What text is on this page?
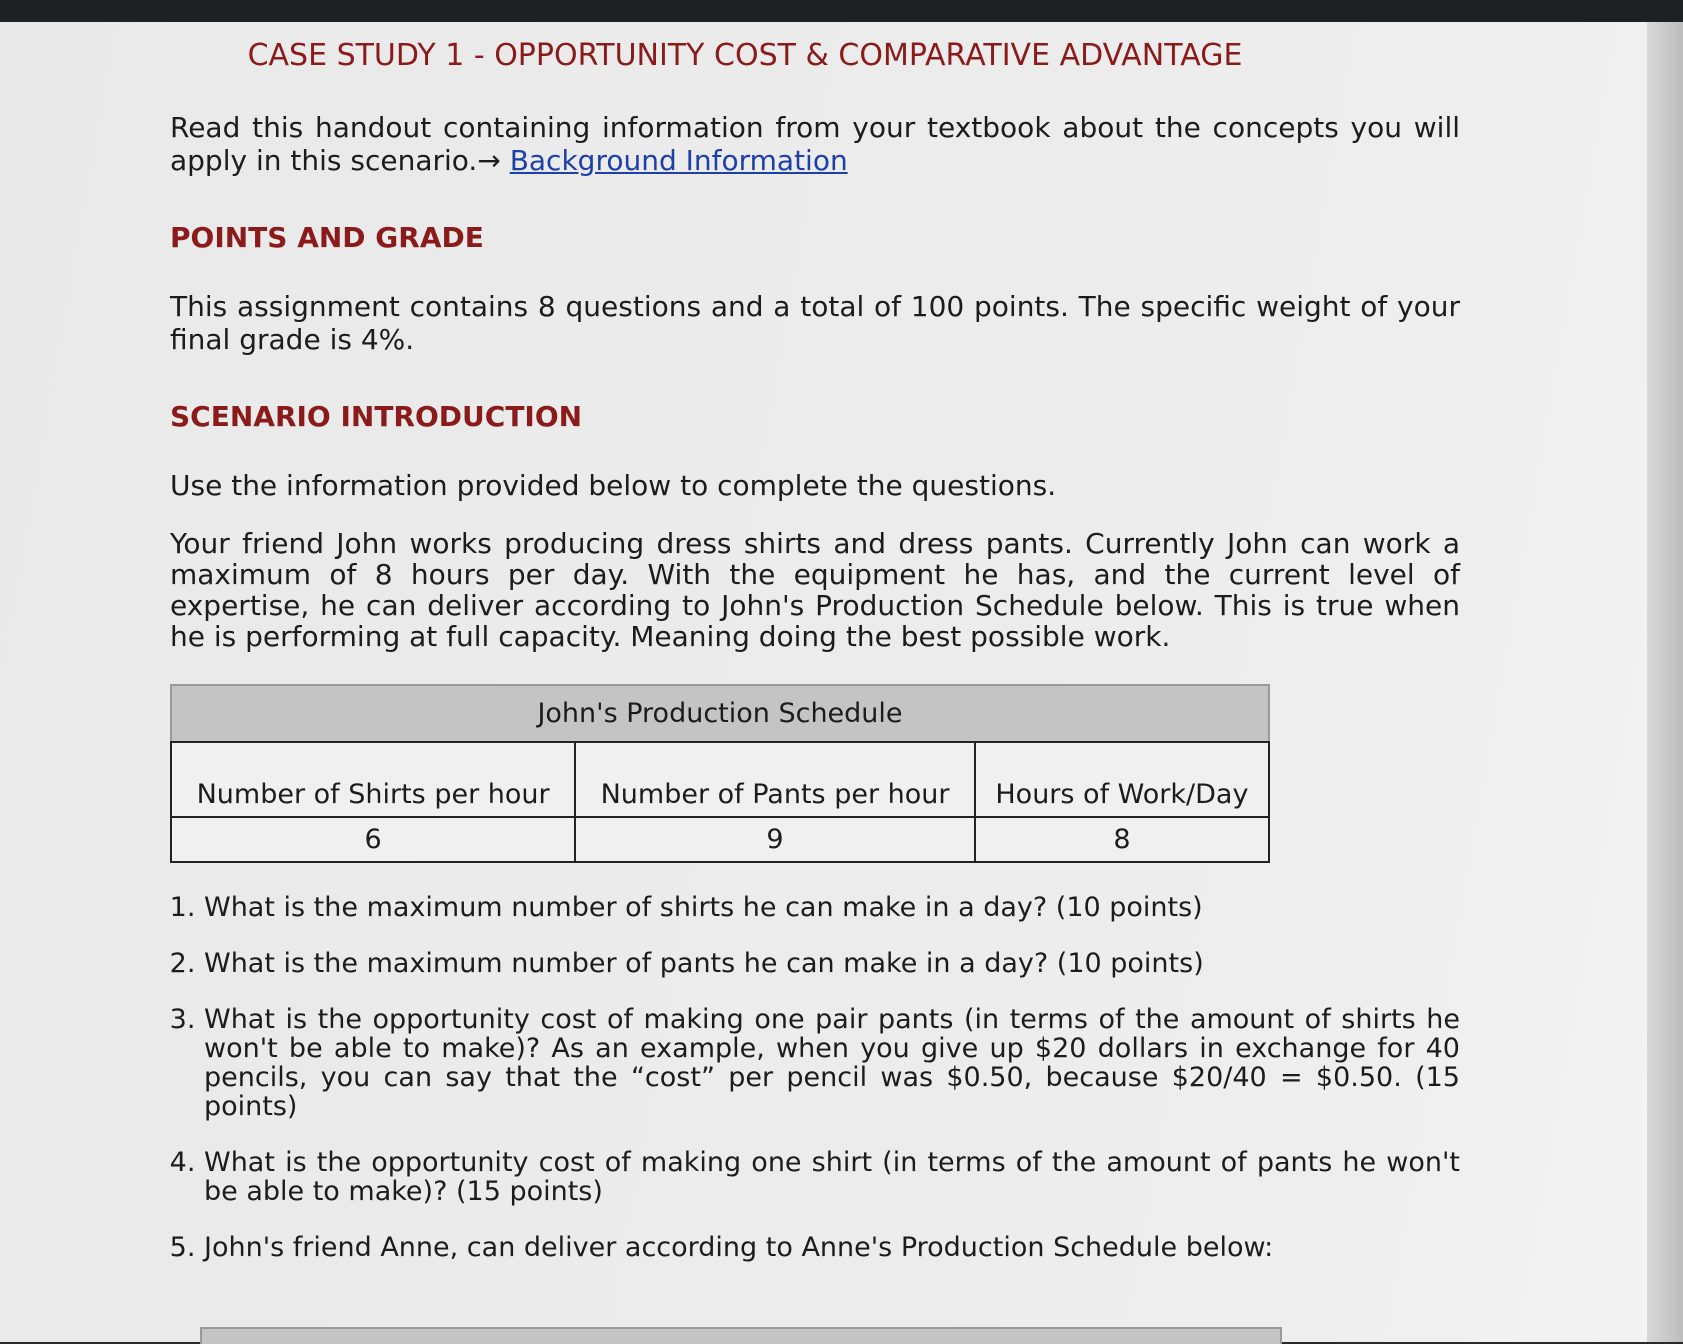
CASE STUDY 1 - OPPORTUNITY COST & COMPARATIVE ADVANTAGE

Read this handout containing information from your textbook about the concepts you will apply in this scenario.→ Background Information

POINTS AND GRADE

This assignment contains 8 questions and a total of 100 points. The specific weight of your final grade is 4%.

SCENARIO INTRODUCTION

Use the information provided below to complete the questions.

Your friend John works producing dress shirts and dress pants. Currently John can work a maximum of 8 hours per day. With the equipment he has, and the current level of expertise, he can deliver according to John's Production Schedule below. This is true when he is performing at full capacity. Meaning doing the best possible work.

John's Production Schedule
Number of Shirts per hour	Number of Pants per hour	Hours of Work/Day
6	9	8
1. What is the maximum number of shirts he can make in a day? (10 points)
2. What is the maximum number of pants he can make in a day? (10 points)
3. What is the opportunity cost of making one pair pants (in terms of the amount of shirts he won't be able to make)? As an example, when you give up $20 dollars in exchange for 40 pencils, you can say that the “cost” per pencil was $0.50, because $20/40 = $0.50. (15 points)
4. What is the opportunity cost of making one shirt (in terms of the amount of pants he won't be able to make)? (15 points)
5. John's friend Anne, can deliver according to Anne's Production Schedule below:
